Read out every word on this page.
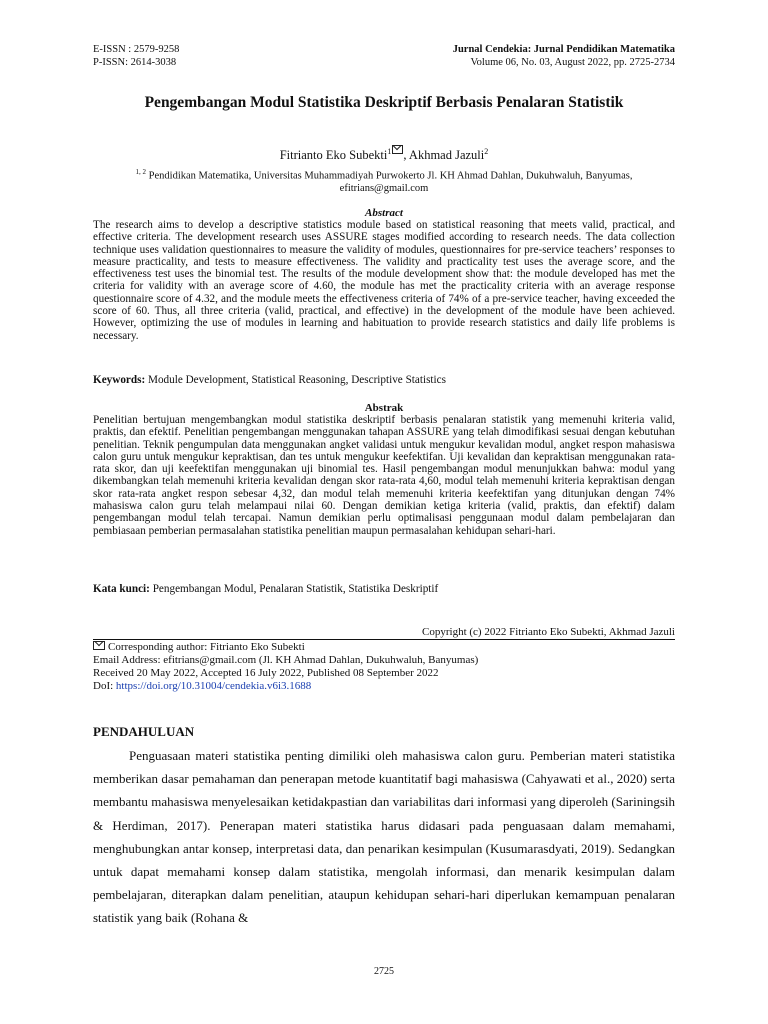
E-ISSN : 2579-9258
P-ISSN: 2614-3038
Jurnal Cendekia: Jurnal Pendidikan Matematika
Volume 06, No. 03, August 2022, pp. 2725-2734
Pengembangan Modul Statistika Deskriptif Berbasis Penalaran Statistik
Fitrianto Eko Subekti$^1$ , Akhmad Jazuli$^2$
$^{1, 2}$ Pendidikan Matematika, Universitas Muhammadiyah Purwokerto Jl. KH Ahmad Dahlan, Dukuhwaluh, Banyumas,
efitrians@gmail.com
Abstract
The research aims to develop a descriptive statistics module based on statistical reasoning that meets valid, practical, and effective criteria. The development research uses ASSURE stages modified according to research needs. The data collection technique uses validation questionnaires to measure the validity of modules, questionnaires for pre-service teachers’ responses to measure practicality, and tests to measure effectiveness. The validity and practicality test uses the average score, and the effectiveness test uses the binomial test. The results of the module development show that: the module developed has met the criteria for validity with an average score of 4.60, the module has met the practicality criteria with an average response questionnaire score of 4.32, and the module meets the effectiveness criteria of 74% of a pre-service teacher, having exceeded the score of 60. Thus, all three criteria (valid, practical, and effective) in the development of the module have been achieved. However, optimizing the use of modules in learning and habituation to provide research statistics and daily life problems is necessary.
Keywords: Module Development, Statistical Reasoning, Descriptive Statistics
Abstrak
Penelitian bertujuan mengembangkan modul statistika deskriptif berbasis penalaran statistik yang memenuhi kriteria valid, praktis, dan efektif. Penelitian pengembangan menggunakan tahapan ASSURE yang telah dimodifikasi sesuai dengan kebutuhan penelitian. Teknik pengumpulan data menggunakan angket validasi untuk mengukur kevalidan modul, angket respon mahasiswa calon guru untuk mengukur kepraktisan, dan tes untuk mengukur keefektifan. Uji kevalidan dan kepraktisan menggunakan rata-rata skor, dan uji keefektifan menggunakan uji binomial tes. Hasil pengembangan modul menunjukkan bahwa: modul yang dikembangkan telah memenuhi kriteria kevalidan dengan skor rata-rata 4,60, modul telah memenuhi kriteria kepraktisan dengan skor rata-rata angket respon sebesar 4,32, dan modul telah memenuhi kriteria keefektifan yang ditunjukan dengan 74% mahasiswa calon guru telah melampaui nilai 60. Dengan demikian ketiga kriteria (valid, praktis, dan efektif) dalam pengembangan modul telah tercapai. Namun demikian perlu optimalisasi penggunaan modul dalam pembelajaran dan pembiasaan pemberian permasalahan statistika penelitian maupun permasalahan kehidupan sehari-hari.
Kata kunci: Pengembangan Modul, Penalaran Statistik, Statistika Deskriptif
Copyright (c) 2022 Fitrianto Eko Subekti, Akhmad Jazuli
Corresponding author: Fitrianto Eko Subekti
Email Address: efitrians@gmail.com (Jl. KH Ahmad Dahlan, Dukuhwaluh, Banyumas)
Received 20 May 2022, Accepted 16 July 2022, Published 08 September 2022
DoI: https://doi.org/10.31004/cendekia.v6i3.1688
PENDAHULUAN
Penguasaan materi statistika penting dimiliki oleh mahasiswa calon guru. Pemberian materi statistika memberikan dasar pemahaman dan penerapan metode kuantitatif bagi mahasiswa (Cahyawati et al., 2020) serta membantu mahasiswa menyelesaikan ketidakpastian dan variabilitas dari informasi yang diperoleh (Sariningsih & Herdiman, 2017). Penerapan materi statistika harus didasari pada penguasaan dalam memahami, menghubungkan antar konsep, interpretasi data, dan penarikan kesimpulan (Kusumarasdyati, 2019). Sedangkan untuk dapat memahami konsep dalam statistika, mengolah informasi, dan menarik kesimpulan dalam pembelajaran, diterapkan dalam penelitian, ataupun kehidupan sehari-hari diperlukan kemampuan penalaran statistik yang baik (Rohana &
2725
